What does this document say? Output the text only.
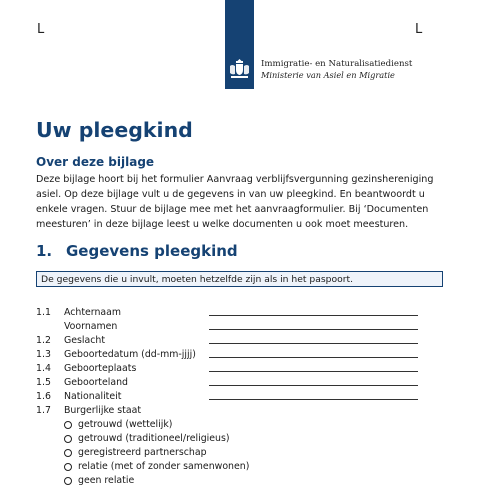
L	L
Immigratie- en Naturalisatiedienst
Ministerie van Asiel en Migratie
Uw pleegkind
Over deze bijlage

Deze bijlage hoort bij het formulier Aanvraag verblijfsvergunning gezinshereniging asiel. Op deze bijlage vult u de gegevens in van uw pleegkind. En beantwoordt u enkele vragen. Stuur de bijlage mee met het aanvraagformulier. Bij ‘Documenten meesturen’ in deze bijlage leest u welke documenten u ook moet meesturen.

1. Gegevens pleegkind
De gegevens die u invult, moeten hetzelfde zijn als in het paspoort.
1.1 Achternaam
Voornamen
1.2 Geslacht
1.3 Geboortedatum (dd-mm-jjjj)
1.4 Geboorteplaats
1.5 Geboorteland
1.6 Nationaliteit
1.7 Burgerlijke staat
getrouwd (wettelijk)
getrouwd (traditioneel/religieus)
geregistreerd partnerschap
relatie (met of zonder samenwonen)
geen relatie
